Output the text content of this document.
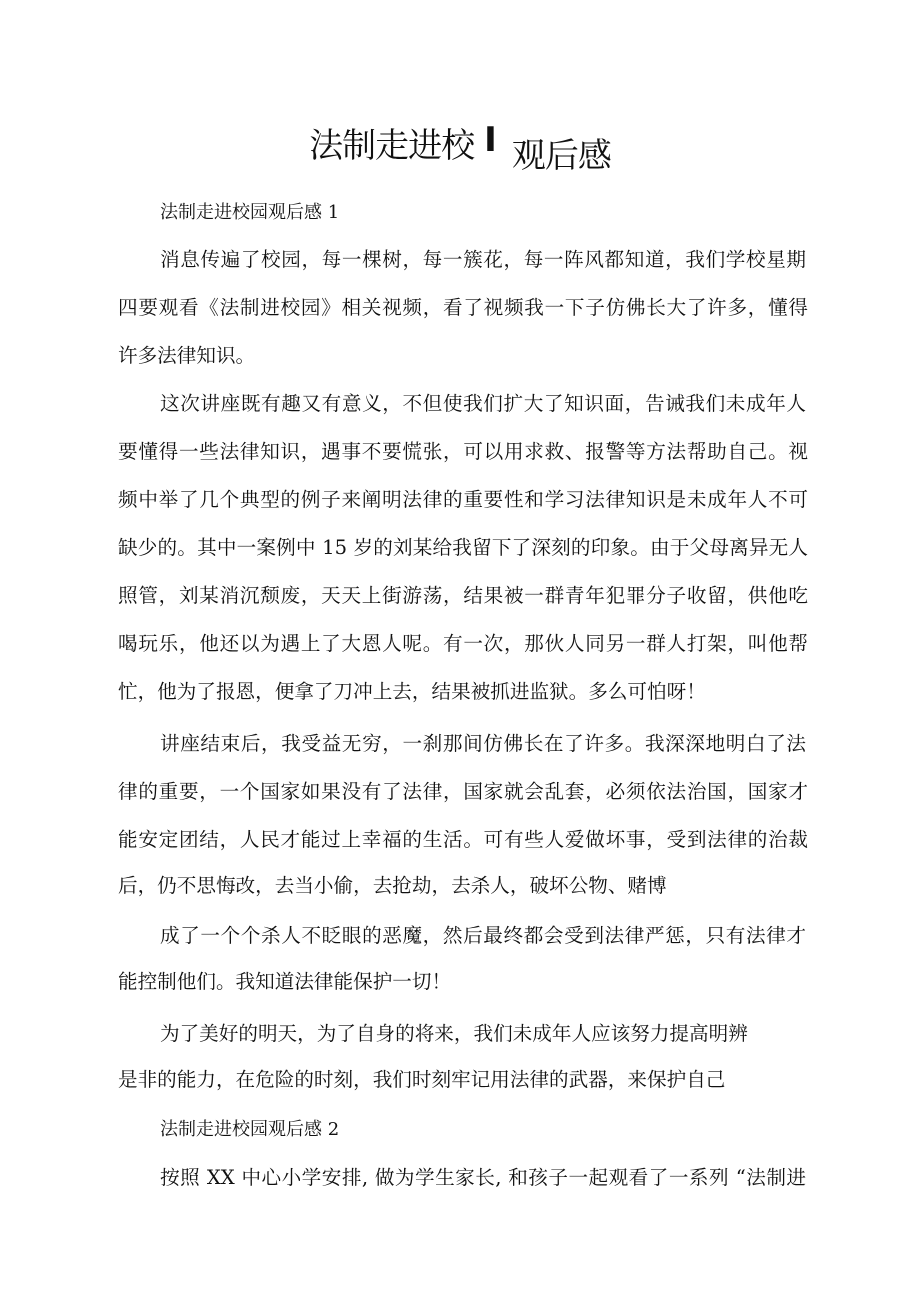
法制走进校 I 观后感
法制走进校园观后感 1
消息传遍了校园，每一棵树，每一簇花，每一阵风都知道，我们学校星期
四要观看《法制进校园》相关视频，看了视频我一下子仿佛长大了许多，懂得
许多法律知识。
这次讲座既有趣又有意义，不但使我们扩大了知识面，告诫我们未成年人
要懂得一些法律知识，遇事不要慌张，可以用求救、报警等方法帮助自己。视
频中举了几个典型的例子来阐明法律的重要性和学习法律知识是未成年人不可
缺少的。其中一案例中 15 岁的刘某给我留下了深刻的印象。由于父母离异无人
照管，刘某消沉颓废，天天上街游荡，结果被一群青年犯罪分子收留，供他吃
喝玩乐，他还以为遇上了大恩人呢。有一次，那伙人同另一群人打架，叫他帮
忙，他为了报恩，便拿了刀冲上去，结果被抓进监狱。多么可怕呀！
讲座结束后，我受益无穷，一刹那间仿佛长在了许多。我深深地明白了法
律的重要，一个国家如果没有了法律，国家就会乱套，必须依法治国，国家才
能安定团结，人民才能过上幸福的生活。可有些人爱做坏事，受到法律的治裁
后，仍不思悔改，去当小偷，去抢劫，去杀人，破坏公物、赌博
成了一个个杀人不眨眼的恶魔，然后最终都会受到法律严惩，只有法律才
能控制他们。我知道法律能保护一切！
为了美好的明天，为了自身的将来，我们未成年人应该努力提高明辨
是非的能力，在危险的时刻，我们时刻牢记用法律的武器，来保护自己
法制走进校园观后感 2
按照 XX 中心小学安排, 做为学生家长, 和孩子一起观看了一系列 “法制进
